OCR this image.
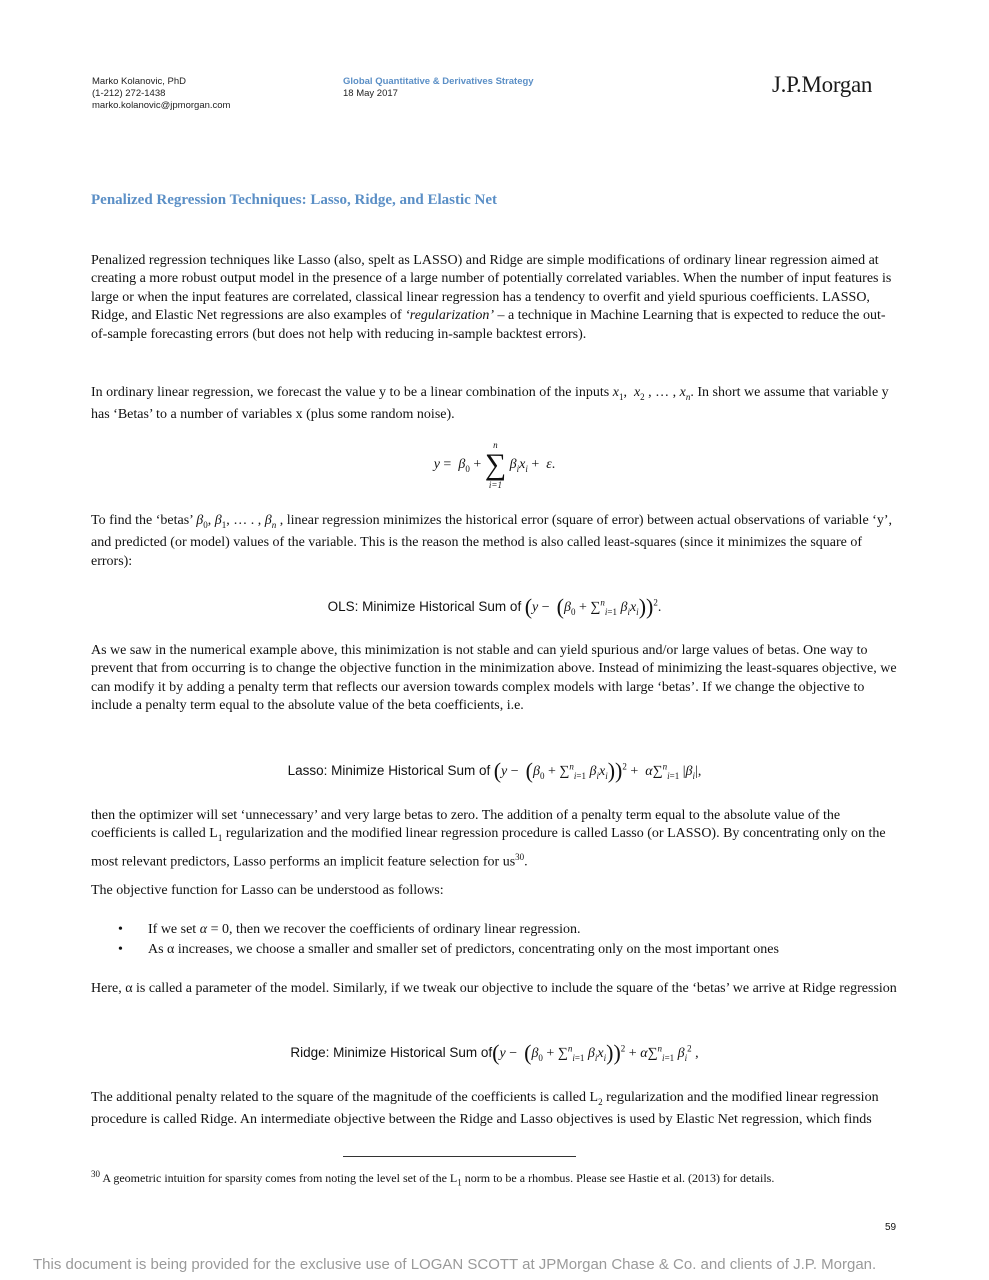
Marko Kolanovic, PhD
(1-212) 272-1438
marko.kolanovic@jpmorgan.com
Global Quantitative & Derivatives Strategy
18 May 2017	J.P.Morgan
Penalized Regression Techniques: Lasso, Ridge, and Elastic Net

Penalized regression techniques like Lasso (also, spelt as LASSO) and Ridge are simple modifications of ordinary linear regression aimed at creating a more robust output model in the presence of a large number of potentially correlated variables. When the number of input features is large or when the input features are correlated, classical linear regression has a tendency to overfit and yield spurious coefficients. LASSO, Ridge, and Elastic Net regressions are also examples of ‘regularization’ – a technique in Machine Learning that is expected to reduce the out-of-sample forecasting errors (but does not help with reducing in-sample backtest errors).

In ordinary linear regression, we forecast the value y to be a linear combination of the inputs $x_1$,  $x_2$ , … , $x_n$. In short we assume that variable y has ‘Betas’ to a number of variables x (plus some random noise).

$y = \beta_0$ +
n
∑
i=1
$\beta_ix_i + \varepsilon$.

To find the ‘betas’ $\beta_0$, $\beta_1$, … . , $\beta_n$ , linear regression minimizes the historical error (square of error) between actual observations of variable ‘y’, and predicted (or model) values of the variable. This is the reason the method is also called least-squares (since it minimizes the square of errors):

OLS: Minimize Historical Sum of ($y - (\beta_0 + \sum^n_{i=1}$ $\beta_ix_i))^2$.

As we saw in the numerical example above, this minimization is not stable and can yield spurious and/or large values of betas. One way to prevent that from occurring is to change the objective function in the minimization above. Instead of minimizing the least-squares objective, we can modify it by adding a penalty term that reflects our aversion towards complex models with large ‘betas’. If we change the objective to include a penalty term equal to the absolute value of the beta coefficients, i.e.

Lasso: Minimize Historical Sum of ($y - (\beta_0 + \sum^n_{i=1}$ $\beta_ix_i))^2 + \alpha\sum^n_{i=1}$ $|\beta_i|$,

then the optimizer will set ‘unnecessary’ and very large betas to zero. The addition of a penalty term equal to the absolute value of the coefficients is called $L_1$ regularization and the modified linear regression procedure is called Lasso (or LASSO). By concentrating only on the most relevant predictors, Lasso performs an implicit feature selection for $us^{30}$.

The objective function for Lasso can be understood as follows:

• If we set α = 0, then we recover the coefficients of ordinary linear regression.
• As α increases, we choose a smaller and smaller set of predictors, concentrating only on the most important ones

Here, α is called a parameter of the model. Similarly, if we tweak our objective to include the square of the ‘betas’ we arrive at Ridge regression

Ridge: Minimize Historical Sum $of(y - (\beta_0 + \sum^n_{i=1}$ $\beta_ix_i))^2 + \alpha\sum^n_{i=1}$ $\beta_i^2$ ,

The additional penalty related to the square of the magnitude of the coefficients is called $L_2$ regularization and the modified linear regression procedure is called Ridge. An intermediate objective between the Ridge and Lasso objectives is used by Elastic Net regression, which finds

$^{30}$ A geometric intuition for sparsity comes from noting the level set of the $L_1$ norm to be a rhombus. Please see Hastie et al. (2013) for details.
59
This document is being provided for the exclusive use of LOGAN SCOTT at JPMorgan Chase & Co. and clients of J.P. Morgan.
